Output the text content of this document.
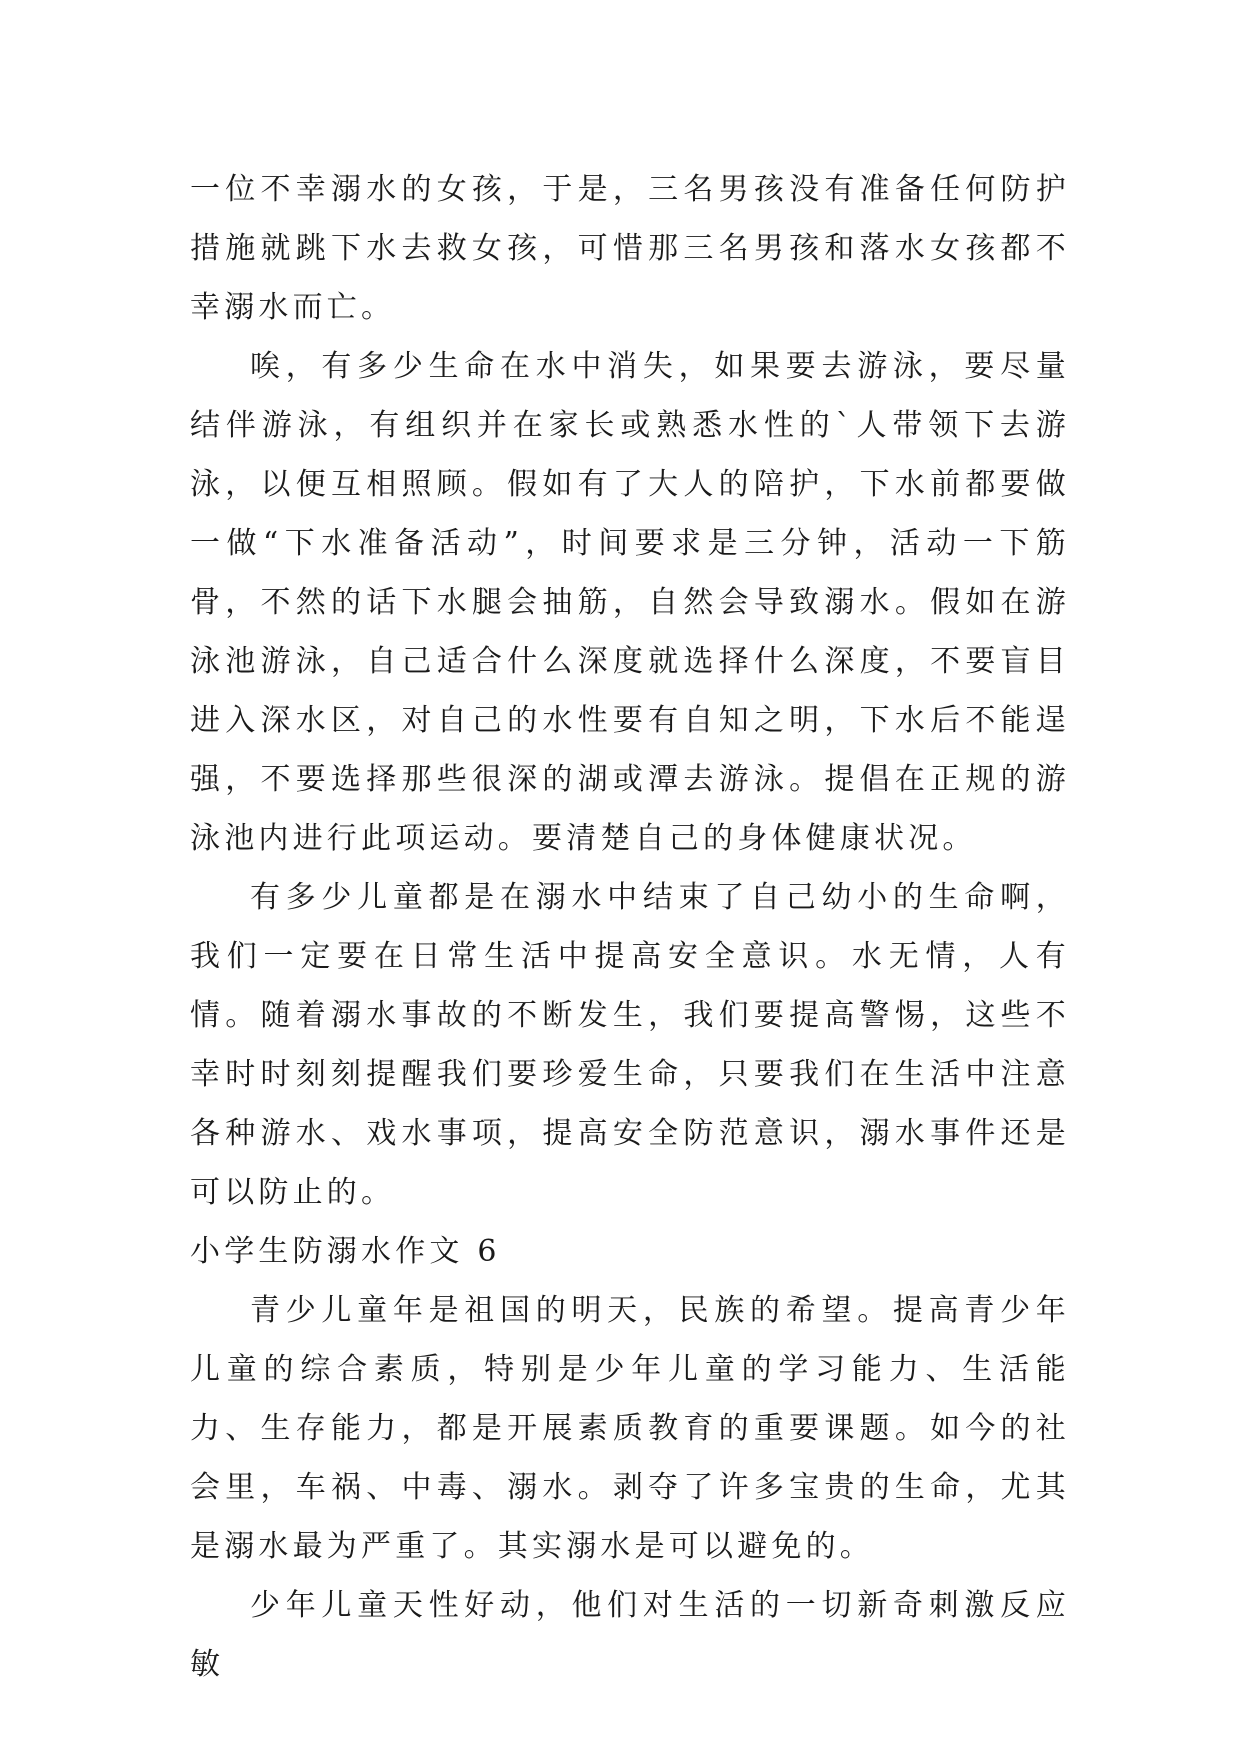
一位不幸溺水的女孩，于是，三名男孩没有准备任何防护措施就跳下水去救女孩，可惜那三名男孩和落水女孩都不幸溺水而亡。

唉，有多少生命在水中消失，如果要去游泳，要尽量结伴游泳，有组织并在家长或熟悉水性的`人带领下去游泳，以便互相照顾。假如有了大人的陪护，下水前都要做一做“下水准备活动”，时间要求是三分钟，活动一下筋骨，不然的话下水腿会抽筋，自然会导致溺水。假如在游泳池游泳，自己适合什么深度就选择什么深度，不要盲目进入深水区，对自己的水性要有自知之明，下水后不能逞强，不要选择那些很深的湖或潭去游泳。提倡在正规的游泳池内进行此项运动。要清楚自己的身体健康状况。

有多少儿童都是在溺水中结束了自己幼小的生命啊，我们一定要在日常生活中提高安全意识。水无情，人有情。随着溺水事故的不断发生，我们要提高警惕，这些不幸时时刻刻提醒我们要珍爱生命，只要我们在生活中注意各种游水、戏水事项，提高安全防范意识，溺水事件还是可以防止的。

小学生防溺水作文 6

青少儿童年是祖国的明天，民族的希望。提高青少年儿童的综合素质，特别是少年儿童的学习能力、生活能力、生存能力，都是开展素质教育的重要课题。如今的社会里，车祸、中毒、溺水。剥夺了许多宝贵的生命，尤其是溺水最为严重了。其实溺水是可以避免的。

少年儿童天性好动，他们对生活的一切新奇刺激反应敏
